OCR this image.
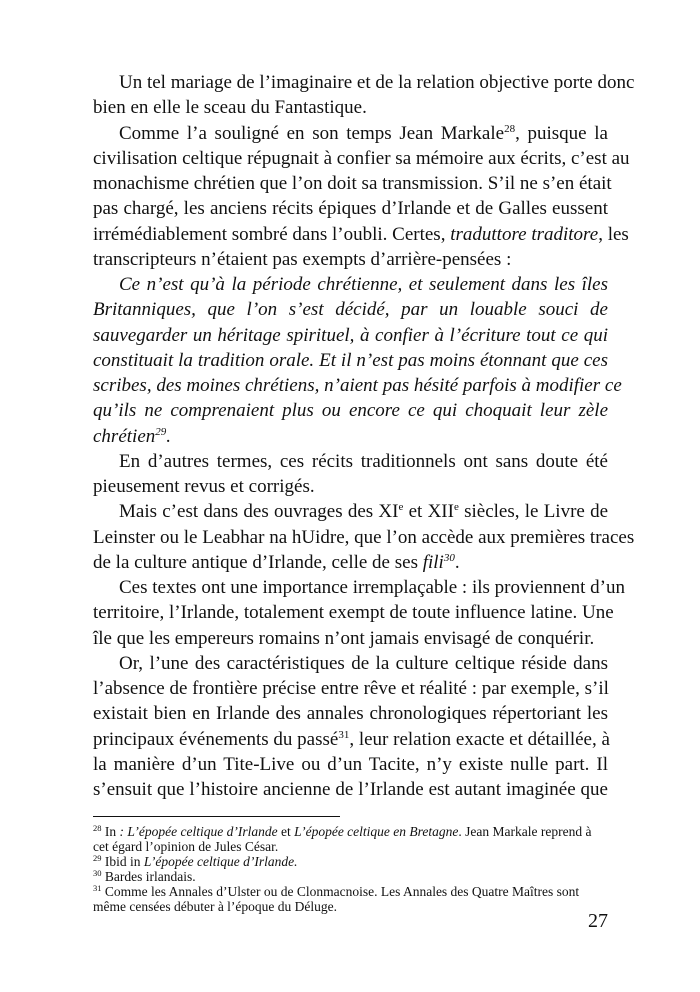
Un tel mariage de l’imaginaire et de la relation objective porte donc
bien en elle le sceau du Fantastique.
Comme l’a souligné en son temps Jean Markale$^{28}$, puisque la
civilisation celtique répugnait à confier sa mémoire aux écrits, c’est au
monachisme chrétien que l’on doit sa transmission. S’il ne s’en était
pas chargé, les anciens récits épiques d’Irlande et de Galles eussent
irrémédiablement sombré dans l’oubli. Certes, traduttore traditore, les
transcripteurs n’étaient pas exempts d’arrière-pensées :
Ce n’est qu’à la période chrétienne, et seulement dans les îles
Britanniques, que l’on s’est décidé, par un louable souci de
sauvegarder un héritage spirituel, à confier à l’écriture tout ce qui
constituait la tradition orale. Et il n’est pas moins étonnant que ces
scribes, des moines chrétiens, n’aient pas hésité parfois à modifier ce
qu’ils ne comprenaient plus ou encore ce qui choquait leur zèle
chrétien$^{29}$.
En d’autres termes, ces récits traditionnels ont sans doute été
pieusement revus et corrigés.
Mais c’est dans des ouvrages des XIe et XIIe siècles, le Livre de
Leinster ou le Leabhar na hUidre, que l’on accède aux premières traces
de la culture antique d’Irlande, celle de ses fili$^{30}$.
Ces textes ont une importance irremplaçable : ils proviennent d’un
territoire, l’Irlande, totalement exempt de toute influence latine. Une
île que les empereurs romains n’ont jamais envisagé de conquérir.
Or, l’une des caractéristiques de la culture celtique réside dans
l’absence de frontière précise entre rêve et réalité : par exemple, s’il
existait bien en Irlande des annales chronologiques répertoriant les
principaux événements du passé$^{31}$, leur relation exacte et détaillée, à
la manière d’un Tite-Live ou d’un Tacite, n’y existe nulle part. Il
s’ensuit que l’histoire ancienne de l’Irlande est autant imaginée que
$^{28}$ In : L’épopée celtique d’Irlande et L’épopée celtique en Bretagne. Jean Markale reprend à
cet égard l’opinion de Jules César.
$^{29}$ Ibid in L’épopée celtique d’Irlande.
$^{30}$ Bardes irlandais.
$^{31}$ Comme les Annales d’Ulster ou de Clonmacnoise. Les Annales des Quatre Maîtres sont
même censées débuter à l’époque du Déluge.
27
